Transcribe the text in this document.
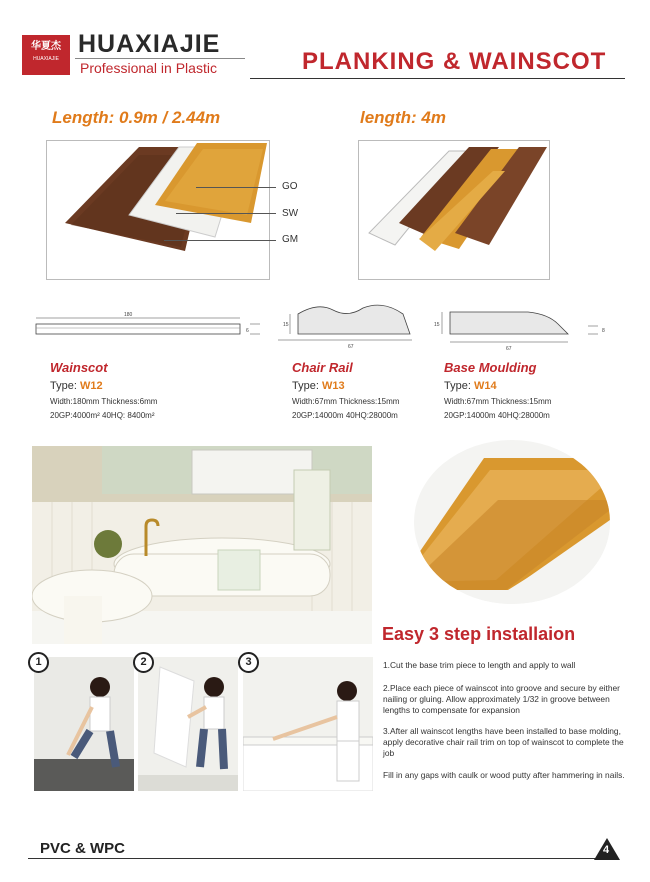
华夏杰
HUAXIAJIE
HUAXIAJIE
Professional in Plastic	PLANKING & WAINSCOT
Length: 0.9m / 2.44m	length: 4m
GO
SW
GM
180
6
67
15
67
15
8
Wainscot
Type: W12
Width:180mm Thickness:6mm
20GP:4000m² 40HQ: 8400m²
Chair Rail
Type: W13
Width:67mm Thickness:15mm
20GP:14000m 40HQ:28000m
Base Moulding
Type: W14
Width:67mm Thickness:15mm
20GP:14000m 40HQ:28000m
Easy 3 step installaion
1	2	3	1.Cut the base trim piece to length and apply to wall
2.Place each piece of wainscot into groove and secure by either nailing or gluing. Allow approximately 1/32 in groove between lengths to compensate for expansion
3.After all wainscot lengths have been installed to base molding, apply decorative chair rail trim on top of wainscot to complete the job
Fill in any gaps with caulk or wood putty after hammering in nails.
PVC & WPC	4
